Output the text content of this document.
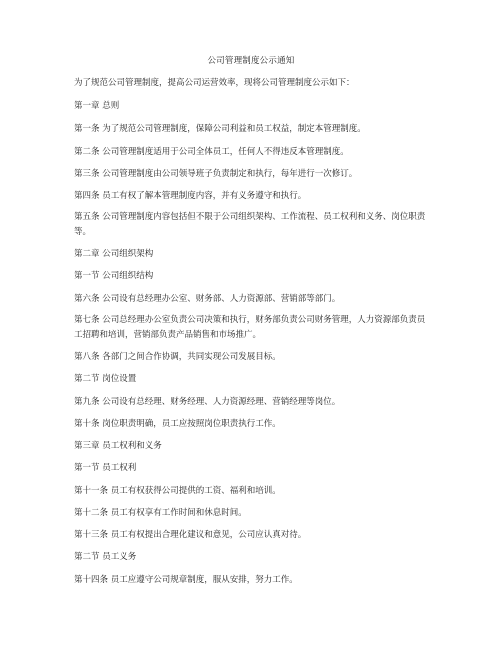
公司管理制度公示通知
为了规范公司管理制度，提高公司运营效率，现将公司管理制度公示如下：
第一章 总则
第一条 为了规范公司管理制度，保障公司利益和员工权益，制定本管理制度。
第二条 公司管理制度适用于公司全体员工，任何人不得违反本管理制度。
第三条 公司管理制度由公司领导班子负责制定和执行，每年进行一次修订。
第四条 员工有权了解本管理制度内容，并有义务遵守和执行。
第五条 公司管理制度内容包括但不限于公司组织架构、工作流程、员工权利和义务、岗位职责等。
第二章 公司组织架构
第一节 公司组织结构
第六条 公司设有总经理办公室、财务部、人力资源部、营销部等部门。
第七条 公司总经理办公室负责公司决策和执行，财务部负责公司财务管理，人力资源部负责员工招聘和培训，营销部负责产品销售和市场推广。
第八条 各部门之间合作协调，共同实现公司发展目标。
第二节 岗位设置
第九条 公司设有总经理、财务经理、人力资源经理、营销经理等岗位。
第十条 岗位职责明确，员工应按照岗位职责执行工作。
第三章 员工权利和义务
第一节 员工权利
第十一条 员工有权获得公司提供的工资、福利和培训。
第十二条 员工有权享有工作时间和休息时间。
第十三条 员工有权提出合理化建议和意见，公司应认真对待。
第二节 员工义务
第十四条 员工应遵守公司规章制度，服从安排，努力工作。
